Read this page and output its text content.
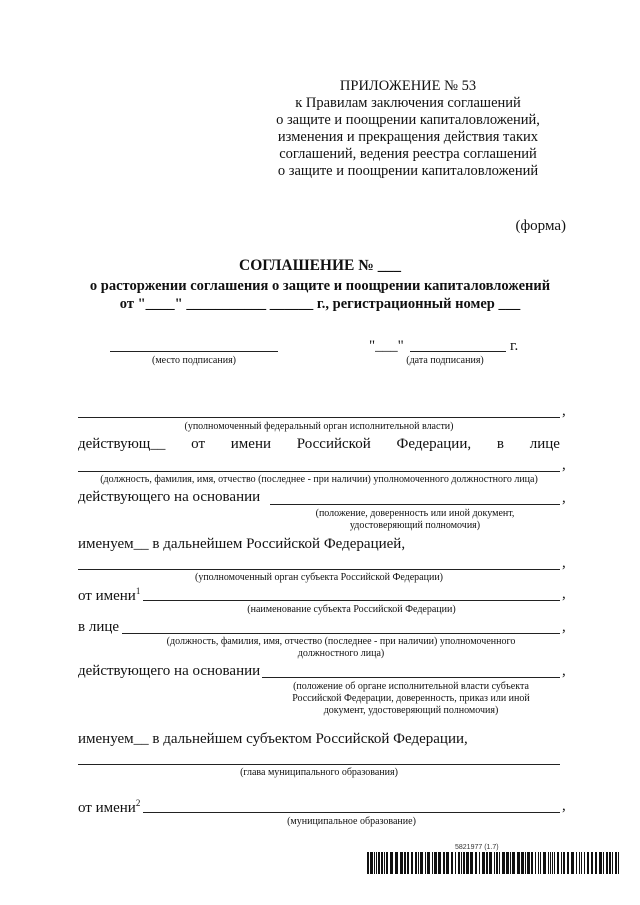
ПРИЛОЖЕНИЕ № 53
к Правилам заключения соглашений
о защите и поощрении капиталовложений,
изменения и прекращения действия таких
соглашений, ведения реестра соглашений
о защите и поощрении капиталовложений
(форма)
СОГЛАШЕНИЕ № ___
о расторжении соглашения о защите и поощрении капиталовложений
от "____" ___________ ______ г., регистрационный номер ___
(место подписания)
"___"	г.
(дата подписания)
,
(уполномоченный федеральный орган исполнительной власти)
действующ__ от имени Российской Федерации, в лице
,
(должность, фамилия, имя, отчество (последнее - при наличии) уполномоченного должностного лица)
действующего на основании	,
(положение, доверенность или иной документ,
удостоверяющий полномочия)
именуем__ в дальнейшем Российской Федерацией,
,
(уполномоченный орган субъекта Российской Федерации)
от имени$^1$	,
(наименование субъекта Российской Федерации)
в лице	,
(должность, фамилия, имя, отчество (последнее - при наличии) уполномоченного
должностного лица)
действующего на основании	,
(положение об органе исполнительной власти субъекта
Российской Федерации, доверенность, приказ или иной
документ, удостоверяющий полномочия)
именуем__ в дальнейшем субъектом Российской Федерации,
(глава муниципального образования)
от имени$^2$	,
(муниципальное образование)
5821977 (1.7)
